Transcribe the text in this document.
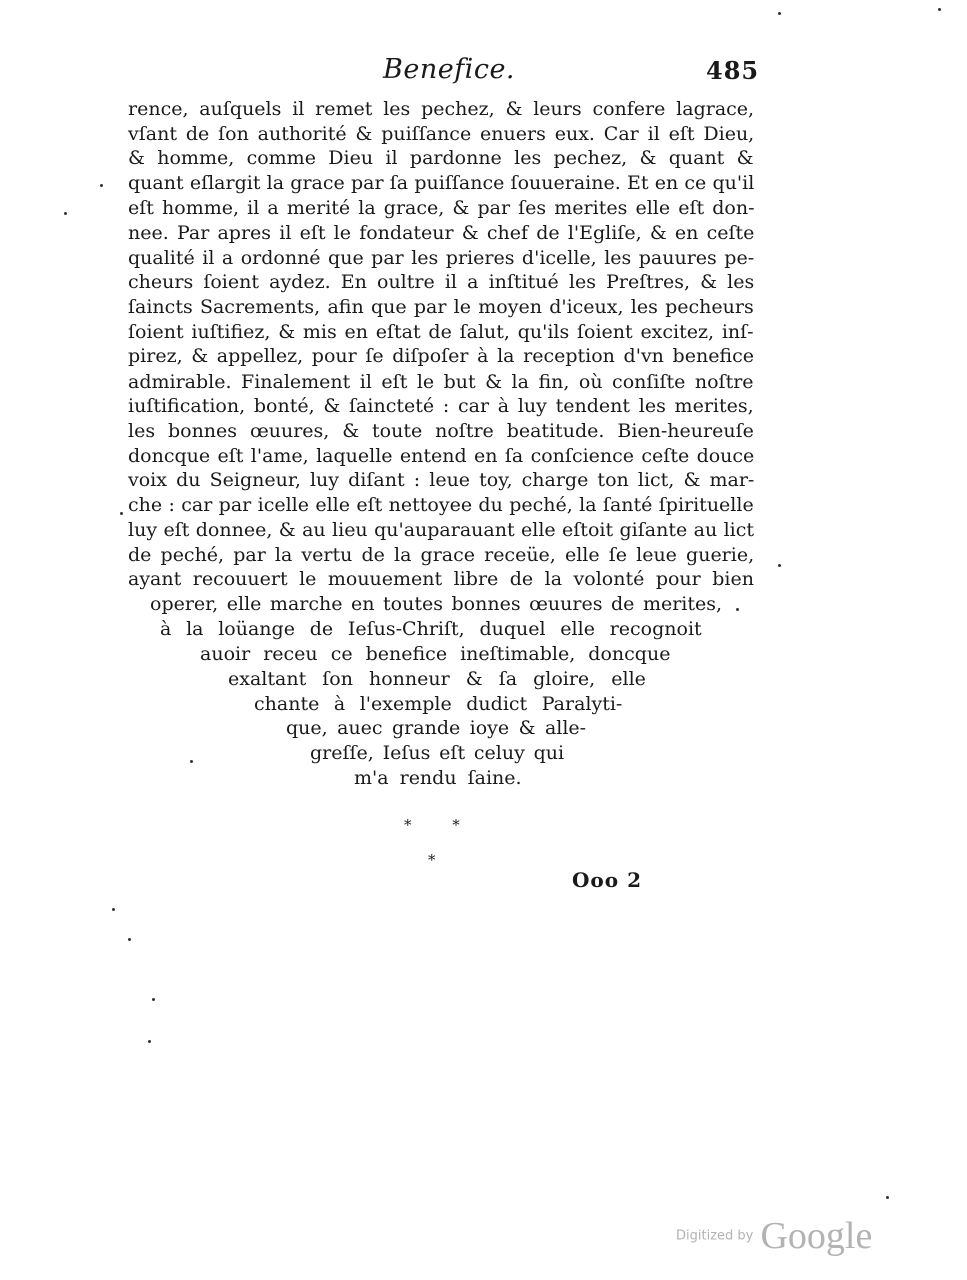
Benefice.	485
rence, auſquels il remet les pechez, & leurs confere lagrace,
vſant de ſon authorité & puiſſance enuers eux. Car il eſt Dieu,
& homme, comme Dieu il pardonne les pechez, & quant &
quant eſlargit la grace par ſa puiſſance ſouueraine. Et en ce qu'il
eſt homme, il a merité la grace, & par ſes merites elle eſt don-
nee. Par apres il eſt le fondateur & chef de l'Egliſe, & en ceſte
qualité il a ordonné que par les prieres d'icelle, les pauures pe-
cheurs ſoient aydez. En oultre il a inſtitué les Preſtres, & les
ſaincts Sacrements, afin que par le moyen d'iceux, les pecheurs
ſoient iuſtifiez, & mis en eſtat de ſalut, qu'ils ſoient excitez, inſ-
pirez, & appellez, pour ſe diſpoſer à la reception d'vn benefice
admirable. Finalement il eſt le but & la fin, où conſiſte noſtre
iuſtification, bonté, & ſaincteté : car à luy tendent les merites,
les bonnes œuures, & toute noſtre beatitude. Bien-heureuſe
doncque eſt l'ame, laquelle entend en ſa conſcience ceſte douce
voix du Seigneur, luy diſant : leue toy, charge ton lict, & mar-
che : car par icelle elle eſt nettoyee du peché, la ſanté ſpirituelle
luy eſt donnee, & au lieu qu'auparauant elle eſtoit giſante au lict
de peché, par la vertu de la grace receüe, elle ſe leue guerie,
ayant recouuert le mouuement libre de la volonté pour bien
operer, elle marche en toutes bonnes œuures de merites,
à la loüange de Ieſus-Chriſt, duquel elle recognoit
auoir receu ce benefice ineſtimable, doncque
exaltant ſon honneur & ſa gloire, elle
chante à l'exemple dudict Paralyti-
que, auec grande ioye & alle-
greſſe, Ieſus eſt celuy qui
m'a rendu ſaine.
* *
*
Ooo 2
Digitized by Google
